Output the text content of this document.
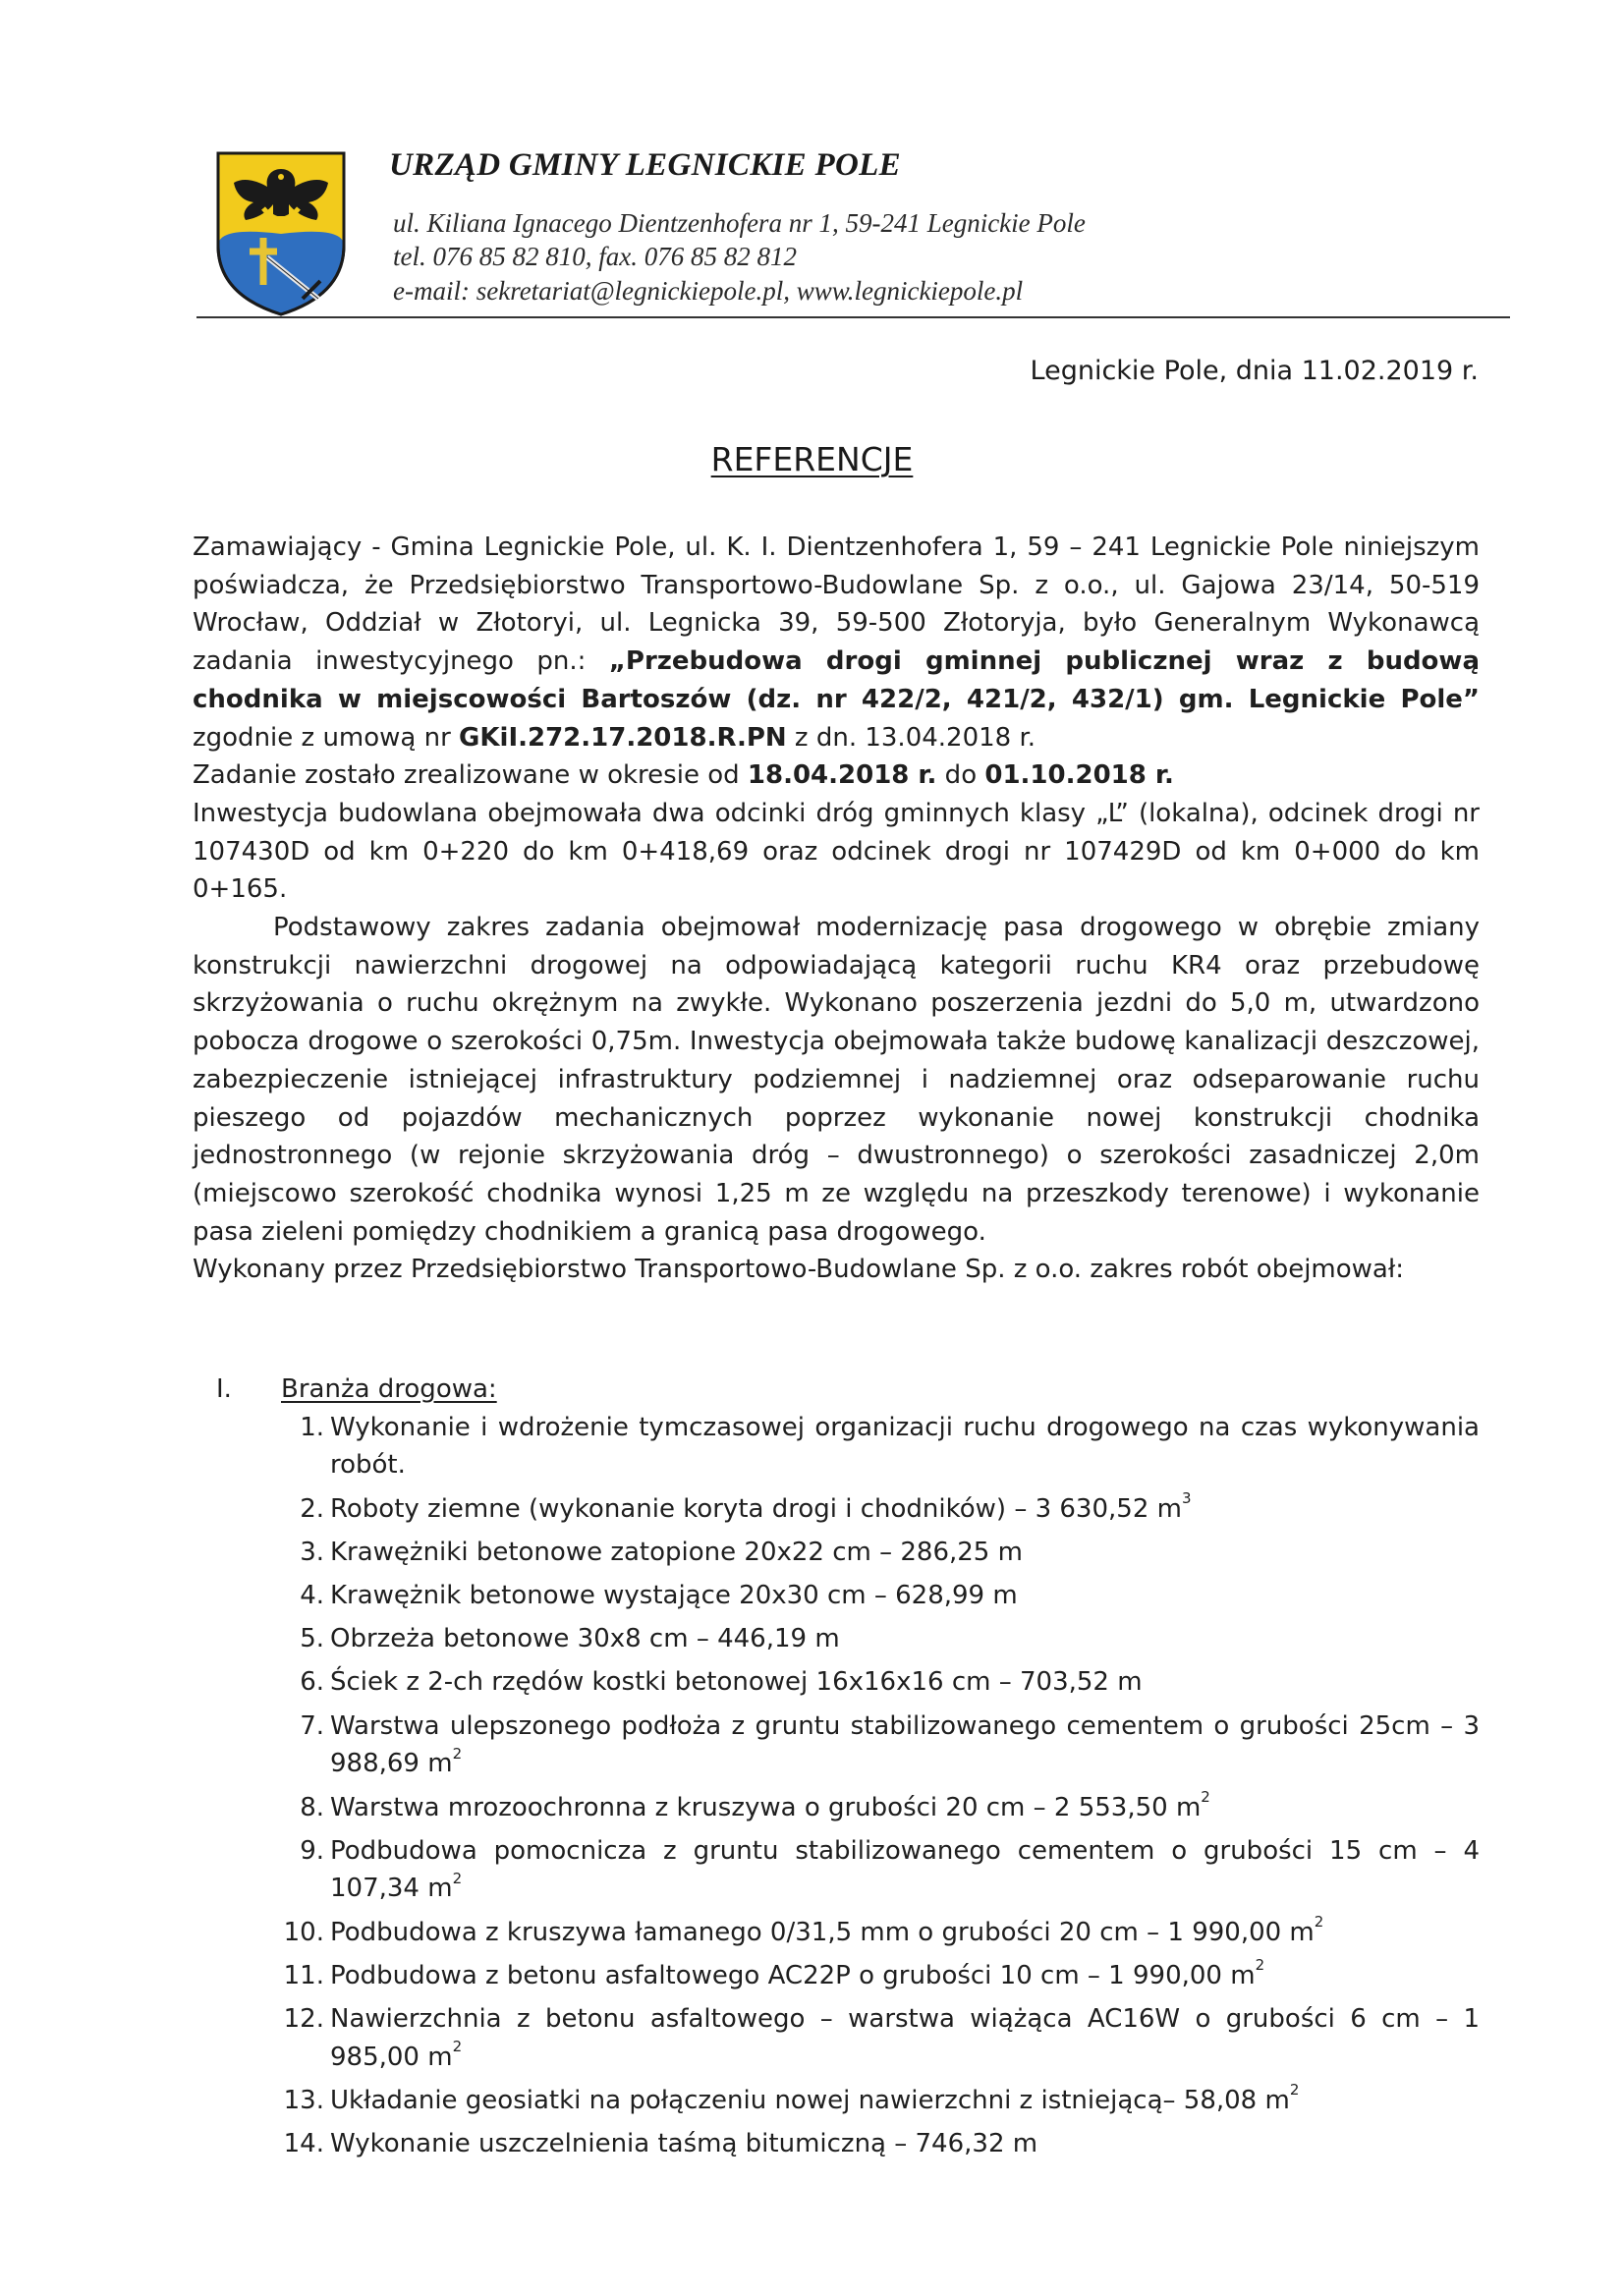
URZĄD GMINY LEGNICKIE POLE
ul. Kiliana Ignacego Dientzenhofera nr 1, 59-241 Legnickie Pole
tel. 076 85 82 810, fax. 076 85 82 812
e-mail: sekretariat@legnickiepole.pl, www.legnickiepole.pl
Legnickie Pole, dnia 11.02.2019 r.
REFERENCJE

Zamawiający - Gmina Legnickie Pole, ul. K. I. Dientzenhofera 1, 59 – 241 Legnickie Pole niniejszym poświadcza, że Przedsiębiorstwo Transportowo-Budowlane Sp. z o.o., ul. Gajowa 23/14, 50-519 Wrocław, Oddział w Złotoryi, ul. Legnicka 39, 59-500 Złotoryja, było Generalnym Wykonawcą zadania inwestycyjnego pn.: „Przebudowa drogi gminnej publicznej wraz z budową chodnika w miejscowości Bartoszów (dz. nr 422/2, 421/2, 432/1) gm. Legnickie Pole” zgodnie z umową nr GKiI.272.17.2018.R.PN z dn. 13.04.2018 r.

Zadanie zostało zrealizowane w okresie od 18.04.2018 r. do 01.10.2018 r.

Inwestycja budowlana obejmowała dwa odcinki dróg gminnych klasy „L” (lokalna), odcinek drogi nr 107430D od km 0+220 do km 0+418,69 oraz odcinek drogi nr 107429D od km 0+000 do km 0+165.

Podstawowy zakres zadania obejmował modernizację pasa drogowego w obrębie zmiany konstrukcji nawierzchni drogowej na odpowiadającą kategorii ruchu KR4 oraz przebudowę skrzyżowania o ruchu okrężnym na zwykłe. Wykonano poszerzenia jezdni do 5,0 m, utwardzono pobocza drogowe o szerokości 0,75m. Inwestycja obejmowała także budowę kanalizacji deszczowej, zabezpieczenie istniejącej infrastruktury podziemnej i nadziemnej oraz odseparowanie ruchu pieszego od pojazdów mechanicznych poprzez wykonanie nowej konstrukcji chodnika jednostronnego (w rejonie skrzyżowania dróg – dwustronnego) o szerokości zasadniczej 2,0m (miejscowo szerokość chodnika wynosi 1,25 m ze względu na przeszkody terenowe) i wykonanie pasa zieleni pomiędzy chodnikiem a granicą pasa drogowego.

Wykonany przez Przedsiębiorstwo Transportowo-Budowlane Sp. z o.o. zakres robót obejmował:

I. Branża drogowa:
1. Wykonanie i wdrożenie tymczasowej organizacji ruchu drogowego na czas wykonywania robót.
2. Roboty ziemne (wykonanie koryta drogi i chodników) – 3 630,52 $m^3$
3. Krawężniki betonowe zatopione 20x22 cm – 286,25 m
4. Krawężnik betonowe wystające 20x30 cm – 628,99 m
5. Obrzeża betonowe 30x8 cm – 446,19 m
6. Ściek z 2-ch rzędów kostki betonowej 16x16x16 cm – 703,52 m
7. Warstwa ulepszonego podłoża z gruntu stabilizowanego cementem o grubości 25cm – 3 988,69 $m^2$
8. Warstwa mrozoochronna z kruszywa o grubości 20 cm – 2 553,50 $m^2$
9. Podbudowa pomocnicza z gruntu stabilizowanego cementem o grubości 15 cm – 4 107,34 $m^2$
10. Podbudowa z kruszywa łamanego 0/31,5 mm o grubości 20 cm – 1 990,00 $m^2$
11. Podbudowa z betonu asfaltowego AC22P o grubości 10 cm – 1 990,00 $m^2$
12. Nawierzchnia z betonu asfaltowego – warstwa wiążąca AC16W o grubości 6 cm – 1 985,00 $m^2$
13. Układanie geosiatki na połączeniu nowej nawierzchni z istniejącą– 58,08 $m^2$
14. Wykonanie uszczelnienia taśmą bitumiczną – 746,32 m
